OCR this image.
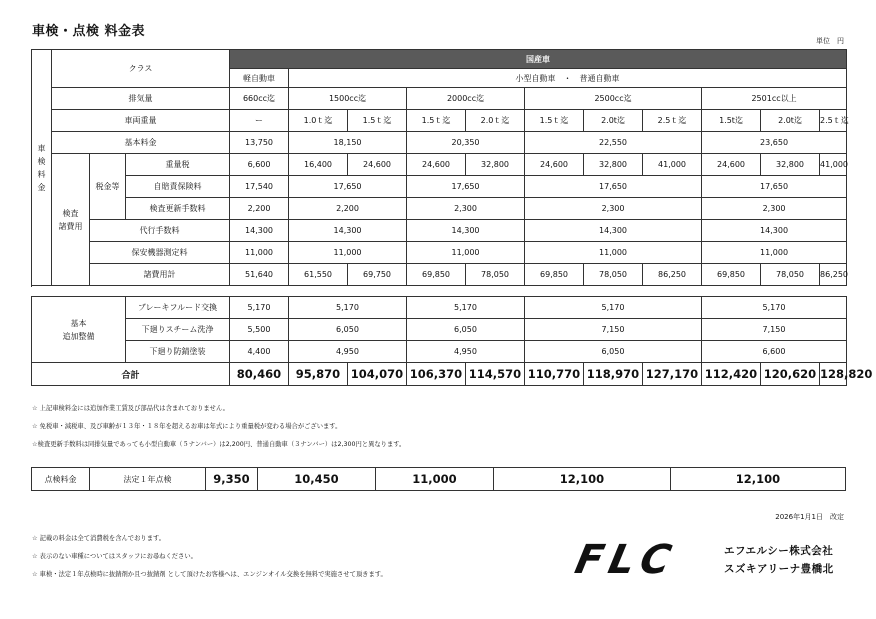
車検・点検 料金表
単位　円
車
検
料
金	クラス			国産車										
				軽自動車	小型自動車　・　普通自動車									
	排気量			660cc迄	1500cc迄		2000cc迄		2500cc迄			2501cc以上		
	車両重量			ー	1.0ｔ迄	1.5ｔ迄	1.5ｔ迄	2.0ｔ迄	1.5ｔ迄	2.0t迄	2.5ｔ迄	1.5t迄	2.0t迄	2.5ｔ迄
	基本料金			13,750	18,150		20,350		22,550			23,650		
	検査
諸費用	税金等	重量税	6,600	16,400	24,600	24,600	32,800	24,600	32,800	41,000	24,600	32,800	41,000
			自賠責保険料	17,540	17,650		17,650		17,650			17,650		
			検査更新手数料	2,200	2,200		2,300		2,300			2,300		
		代行手数料		14,300	14,300		14,300		14,300			14,300		
		保安機器測定料		11,000	11,000		11,000		11,000			11,000		
		諸費用計		51,640	61,550	69,750	69,850	78,050	69,850	78,050	86,250	69,850	78,050	86,250

基本
追加整備	ブレーキフルード交換	5,170	5,170		5,170		5,170			5,170		
	下廻りスチーム洗浄	5,500	6,050		6,050		7,150			7,150		
	下廻り防錆塗装	4,400	4,950		4,950		6,050			6,600		
合計		80,460	95,870	104,070	106,370	114,570	110,770	118,970	127,170	112,420	120,620	128,820
☆ 上記車検料金には追加作業工賃及び部品代は含まれておりません。
☆ 免税車・減税車、及び車齢が１３年・１８年を超えるお車は年式により重量税が変わる場合がございます。
☆検査更新手数料は同排気量であっても小型自動車（５ナンバー）は2,200円、普通自動車（３ナンバー）は2,300円と異なります。
点検料金	法定１年点検	9,350	10,450	11,000	12,100	12,100
2026年1月1日　改定
☆ 記載の料金は全て消費税を含んでおります。
☆ 表示のない車種についてはスタッフにお尋ねください。
☆ 車検・法定１年点検時に抜錆剤か且つ抜錆剤 として頂けたお客様へは、エンジンオイル交換を無料で実施させて頂きます。	FLC	エフエルシー株式会社
スズキアリーナ豊橋北
